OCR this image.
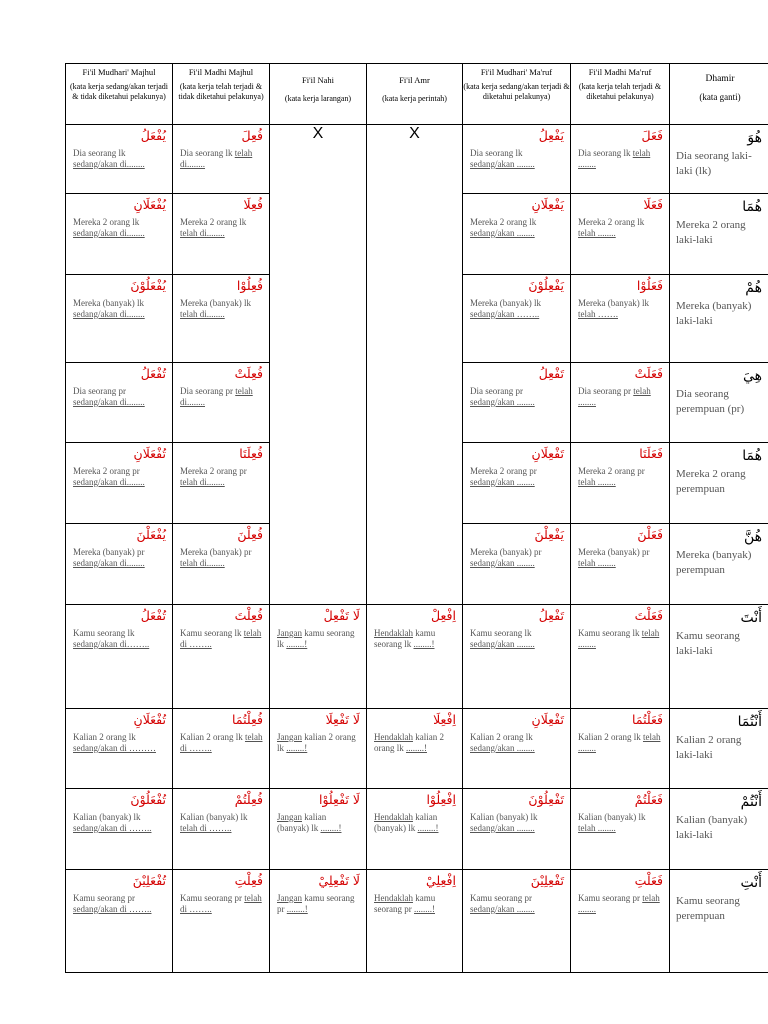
Fi'il Mudhari' Majhul
(kata kerja sedang/akan terjadi & tidak diketahui pelakunya)	Fi'il Madhi Majhul
(kata kerja telah terjadi & tidak diketahui pelakunya)	Fi'il Nahi
(kata kerja larangan)	Fi'il Amr
(kata kerja perintah)	Fi'il Mudhari' Ma'ruf
(kata kerja sedang/akan terjadi & diketahui pelakunya)	Fi'il Madhi Ma'ruf
(kata kerja telah terjadi & diketahui pelakunya)	Dhamir
(kata ganti)

يُفْعَلُ
Dia seorang lk sedang/akan di........	فُعِلَ
Dia seorang lk telah di........	X	X	يَفْعِلُ
Dia seorang lk sedang/akan ........	فَعَلَ
Dia seorang lk telah ........	هُوَ
Dia seorang laki-laki (lk)

يُفْعَلَانِ
Mereka 2 orang lk sedang/akan di........	فُعِلَا
Mereka 2 orang lk telah di........			يَفْعِلَانِ
Mereka 2 orang lk sedang/akan ........	فَعَلَا
Mereka 2 orang lk telah ........	هُمَا
Mereka 2 orang laki-laki

يُفْعَلُوْنَ
Mereka (banyak) lk sedang/akan di........	فُعِلُوْا
Mereka (banyak) lk telah di........			يَفْعِلُوْنَ
Mereka (banyak) lk sedang/akan ……..	فَعَلُوْا
Mereka (banyak) lk telah …….	هُمْ
Mereka (banyak) laki-laki

تُفْعَلُ
Dia seorang pr sedang/akan di........	فُعِلَتْ
Dia seorang pr telah di........			تَفْعِلُ
Dia seorang pr sedang/akan ........	فَعَلَتْ
Dia seorang pr telah ........	هِيَ
Dia seorang perempuan (pr)

تُفْعَلَانِ
Mereka 2 orang pr sedang/akan di........	فُعِلَتَا
Mereka 2 orang pr telah di........			تَفْعِلَانِ
Mereka 2 orang pr sedang/akan ........	فَعَلَتَا
Mereka 2 orang pr telah ........	هُمَا
Mereka 2 orang perempuan

يُفْعَلْنَ
Mereka (banyak) pr sedang/akan di........	فُعِلْنَ
Mereka (banyak) pr telah di........			يَفْعِلْنَ
Mereka (banyak) pr sedang/akan ........	فَعَلْنَ
Mereka (banyak) pr telah ........	هُنَّ
Mereka (banyak) perempuan

تُفْعَلُ
Kamu seorang lk sedang/akan di……..	فُعِلْتَ
Kamu seorang lk telah di ……..	لَا تَفْعِلْ
Jangan kamu seorang lk ........!	اِفْعِلْ
Hendaklah kamu seorang lk ........!	تَفْعِلُ
Kamu seorang lk sedang/akan ........	فَعَلْتَ
Kamu seorang lk telah ........	أَنْتَ
Kamu seorang laki-laki

تُفْعَلَانِ
Kalian 2 orang lk sedang/akan di ………	فُعِلْتُمَا
Kalian 2 orang lk telah di ……..	لَا تَفْعِلَا
Jangan kalian 2 orang lk ........!	اِفْعِلَا
Hendaklah kalian 2 orang lk ........!	تَفْعِلَانِ
Kalian 2 orang lk sedang/akan ........	فَعَلْتُمَا
Kalian 2 orang lk telah ........	أَنْتُمَا
Kalian 2 orang laki-laki

تُفْعَلُوْنَ
Kalian (banyak) lk sedang/akan di ……..	فُعِلْتُمْ
Kalian (banyak) lk telah di ……..	لَا تَفْعِلُوْا
Jangan kalian (banyak) lk ........!	اِفْعِلُوْا
Hendaklah kalian (banyak) lk ........!	تَفْعِلُوْنَ
Kalian (banyak) lk sedang/akan ........	فَعَلْتُمْ
Kalian (banyak) lk telah ........	أَنْتُمْ
Kalian (banyak) laki-laki

تُفْعَلِيْنَ
Kamu seorang pr sedang/akan di ……..	فُعِلْتِ
Kamu seorang pr telah di ……..	لَا تَفْعِلِيْ
Jangan kamu seorang pr ........!	اِفْعِلِيْ
Hendaklah kamu seorang pr ........!	تَفْعِلِيْنَ
Kamu seorang pr sedang/akan ........	فَعَلْتِ
Kamu seorang pr telah ........	أَنْتِ
Kamu seorang perempuan
